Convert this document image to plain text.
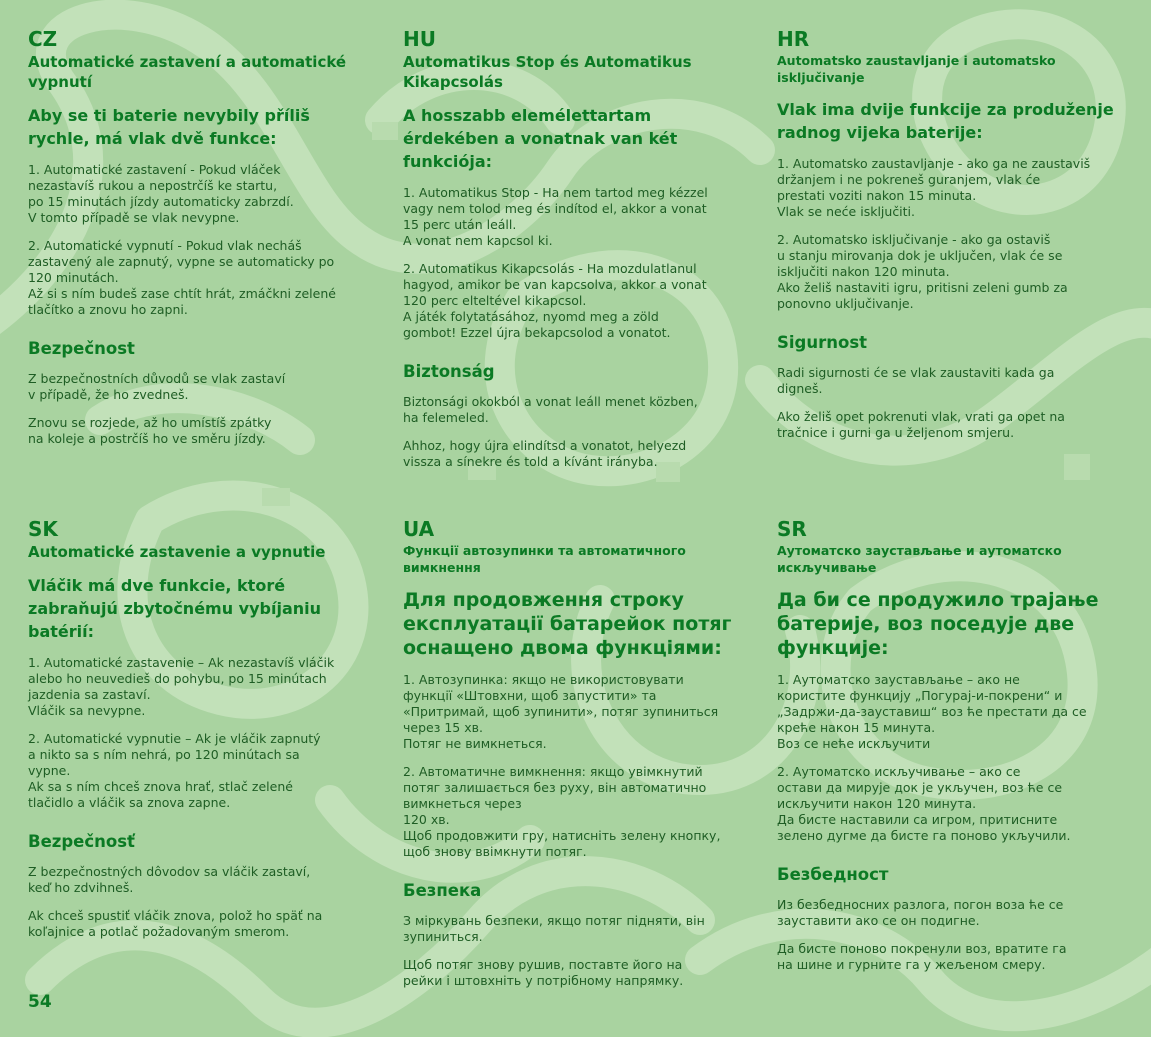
CZ
Automatické zastavení a automatické vypnutí
Aby se ti baterie nevybily příliš rychle, má vlak dvě funkce:
1. Automatické zastavení - Pokud vláček
nezastavíš rukou a nepostrčíš ke startu,
po 15 minutách jízdy automaticky zabrzdí.
V tomto případě se vlak nevypne.
2. Automatické vypnutí - Pokud vlak necháš
zastavený ale zapnutý, vypne se automaticky po
120 minutách.
Až si s ním budeš zase chtít hrát, zmáčkni zelené
tlačítko a znovu ho zapni.
Bezpečnost
Z bezpečnostních důvodů se vlak zastaví
v případě, že ho zvedneš.
Znovu se rozjede, až ho umístíš zpátky
na koleje a postrčíš ho ve směru jízdy.
HU
Automatikus Stop és Automatikus Kikapcsolás
A hosszabb elemélettartam érdekében a vonatnak van két funkciója:
1. Automatikus Stop - Ha nem tartod meg kézzel
vagy nem tolod meg és indítod el, akkor a vonat
15 perc után leáll.
A vonat nem kapcsol ki.
2. Automatikus Kikapcsolás - Ha mozdulatlanul
hagyod, amikor be van kapcsolva, akkor a vonat
120 perc elteltével kikapcsol.
A játék folytatásához, nyomd meg a zöld
gombot! Ezzel újra bekapcsolod a vonatot.
Biztonság
Biztonsági okokból a vonat leáll menet közben,
ha felemeled.
Ahhoz, hogy újra elindítsd a vonatot, helyezd
vissza a sínekre és told a kívánt irányba.
HR
Automatsko zaustavljanje i automatsko isključivanje
Vlak ima dvije funkcije za produženje radnog vijeka baterije:
1. Automatsko zaustavljanje - ako ga ne zaustaviš
držanjem i ne pokreneš guranjem, vlak će
prestati voziti nakon 15 minuta.
Vlak se neće isključiti.
2. Automatsko isključivanje - ako ga ostaviš
u stanju mirovanja dok je uključen, vlak će se
isključiti nakon 120 minuta.
Ako želiš nastaviti igru, pritisni zeleni gumb za
ponovno uključivanje.
Sigurnost
Radi sigurnosti će se vlak zaustaviti kada ga
digneš.
Ako želiš opet pokrenuti vlak, vrati ga opet na
tračnice i gurni ga u željenom smjeru.
SK
Automatické zastavenie a vypnutie
Vláčik má dve funkcie, ktoré zabraňujú zbytočnému vybíjaniu batérií:
1. Automatické zastavenie – Ak nezastavíš vláčik
alebo ho neuvedieš do pohybu, po 15 minútach
jazdenia sa zastaví.
Vláčik sa nevypne.
2. Automatické vypnutie – Ak je vláčik zapnutý
a nikto sa s ním nehrá, po 120 minútach sa
vypne.
Ak sa s ním chceš znova hrať, stlač zelené
tlačidlo a vláčik sa znova zapne.
Bezpečnosť
Z bezpečnostných dôvodov sa vláčik zastaví,
keď ho zdvihneš.
Ak chceš spustiť vláčik znova, polož ho späť na
koľajnice a potlač požadovaným smerom.
UA
Функції автозупинки та автоматичного вимкнення
Для продовження строку експлуатації батарейок потяг оснащено двома функціями:
1. Автозупинка: якщо не використовувати
функції «Штовхни, щоб запустити» та
«Притримай, щоб зупинити», потяг зупиниться
через 15 хв.
Потяг не вимкнеться.
2. Автоматичне вимкнення: якщо увімкнутий
потяг залишається без руху, він автоматично
вимкнеться через
120 хв.
Щоб продовжити гру, натисніть зелену кнопку,
щоб знову ввімкнути потяг.
Безпека
З міркувань безпеки, якщо потяг підняти, він
зупиниться.
Щоб потяг знову рушив, поставте його на
рейки і штовхніть у потрібному напрямку.
SR
Аутоматско заустављање и аутоматско искључивање
Да би се продужило трајање батерије, воз поседује две функције:
1. Аутоматско заустављање – ако не
користите функцију „Погурај-и-покрени“ и
„Задржи-да-зауставиш“ воз ће престати да се
креће након 15 минута.
Воз се неће искључити
2. Аутоматско искључивање – ако се
остави да мирује док је укључен, воз ће се
искључити након 120 минута.
Да бисте наставили са игром, притисните
зелено дугме да бисте га поново укључили.
Безбедност
Из безбедносних разлога, погон воза ће се
зауставити ако се он подигне.
Да бисте поново покренули воз, вратите га
на шине и гурните га у жељеном смеру.
54
